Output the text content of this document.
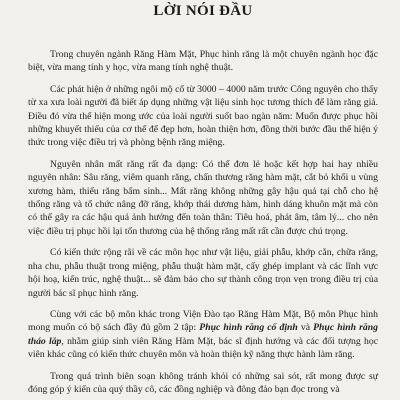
LỜI NÓI ĐẦU

Trong chuyên ngành Răng Hàm Mặt, Phục hình răng là một chuyên ngành học đặc biệt, vừa mang tính y học, vừa mang tính nghệ thuật.

Các phát hiện ở những ngôi mộ cổ từ 3000 – 4000 năm trước Công nguyên cho thấy từ xa xưa loài người đã biết áp dụng những vật liệu sinh học tương thích để làm răng giả. Điều đó vừa thể hiện mong ước của loài người suốt bao ngàn năm: Muốn được phục hồi những khuyết thiếu của cơ thể để đẹp hơn, hoàn thiện hơn, đồng thời bước đầu thể hiện ý thức trong việc điều trị và phòng bệnh răng miệng.

Nguyên nhân mất răng rất đa dạng: Có thể đơn lẻ hoặc kết hợp hai hay nhiều nguyên nhân: Sâu răng, viêm quanh răng, chấn thương răng hàm mặt, cắt bỏ khối u vùng xương hàm, thiểu răng bẩm sinh... Mất răng không những gây hậu quả tại chỗ cho hệ thống răng và tổ chức nâng đỡ răng, khớp thái dương hàm, hình dáng khuôn mặt mà còn có thể gây ra các hậu quả ảnh hưởng đến toàn thân: Tiêu hoá, phát âm, tâm lý... cho nên việc điều trị phục hồi lại tổn thương của hệ thống răng mất rất cần được chú trọng.

Có kiến thức rộng rãi về các môn học như vật liệu, giải phẫu, khớp cắn, chữa răng, nha chu, phẫu thuật trong miệng, phẫu thuật hàm mặt, cấy ghép implant và các lĩnh vực hội hoạ, kiến trúc, nghệ thuật... sẽ đảm bảo cho sự thành công trọn vẹn trong điều trị của người bác sĩ phục hình răng.

Cùng với các bộ môn khác trong Viện Đào tạo Răng Hàm Mặt, Bộ môn Phục hình mong muốn có bộ sách đầy đủ gồm 2 tập: Phục hình răng cố định và Phục hình răng tháo lắp, nhằm giúp sinh viên Răng Hàm Mặt, bác sĩ định hướng và các đối tượng học viên khác cũng có kiến thức chuyên môn và hoàn thiện kỹ năng thực hành làm răng.

Trong quá trình biên soạn không tránh khỏi có những sai sót, rất mong được sự đóng góp ý kiến của quý thầy cô, các đồng nghiệp và đông đảo bạn đọc trong và
